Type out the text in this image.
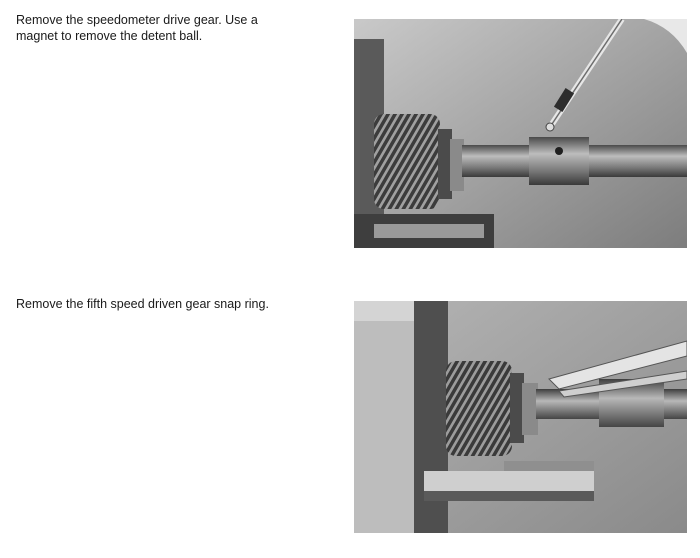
Remove the speedometer drive gear. Use a magnet to remove the detent ball.
Remove the fifth speed driven gear snap ring.
